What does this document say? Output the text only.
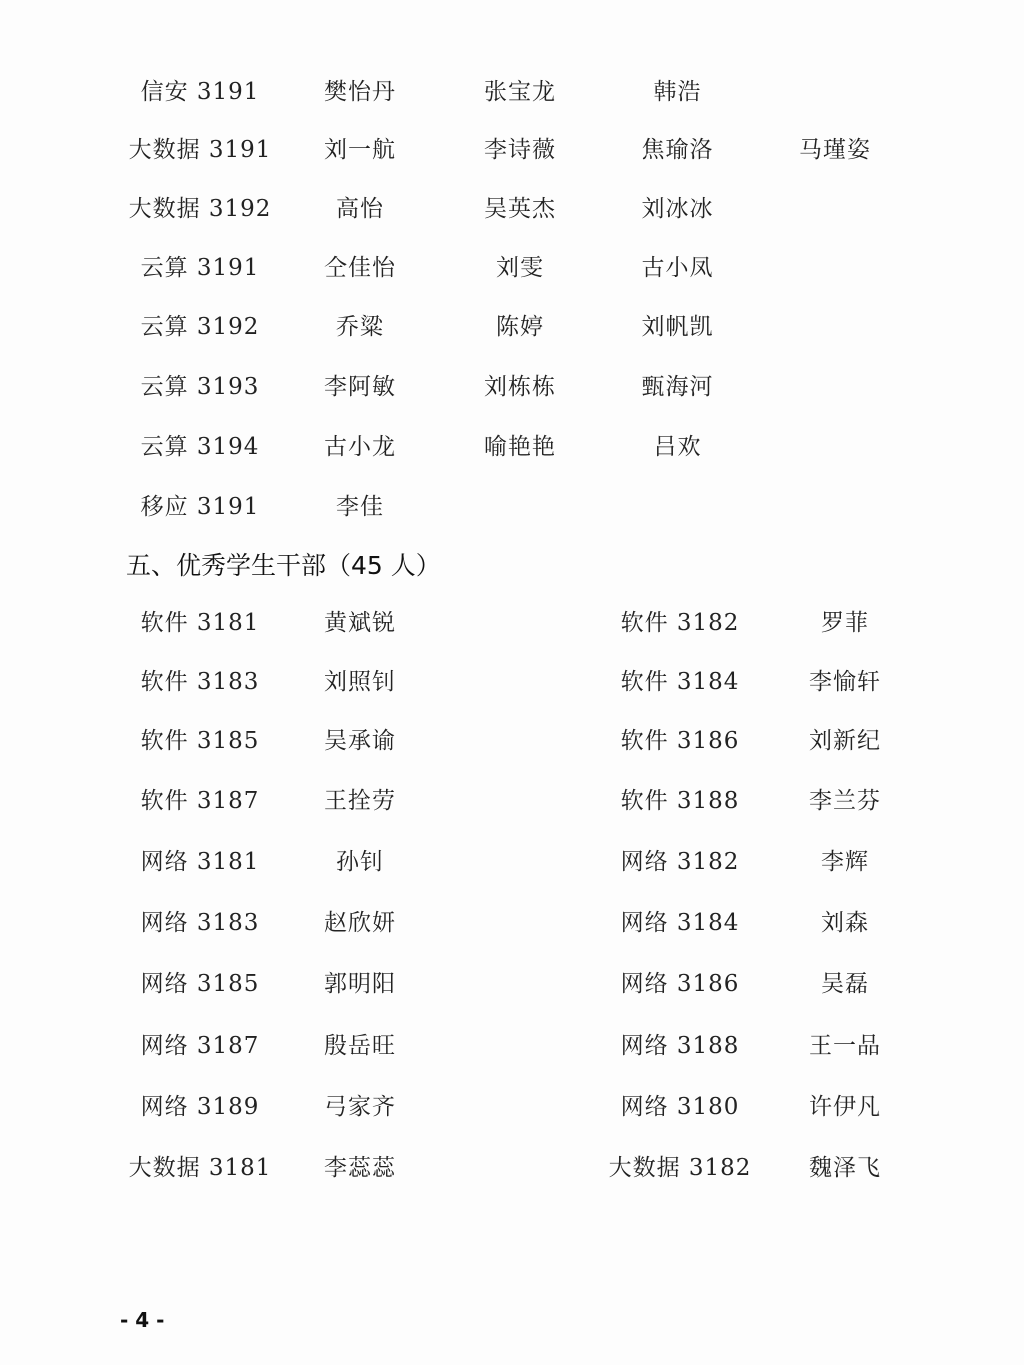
信安 3191	樊怡丹	张宝龙	韩浩
大数据 3191	刘一航	李诗薇	焦瑜洛	马瑾姿
大数据 3192	高怡	吴英杰	刘冰冰
云算 3191	仝佳怡	刘雯	古小凤
云算 3192	乔粱	陈婷	刘帆凯
云算 3193	李阿敏	刘栋栋	甄海河
云算 3194	古小龙	喻艳艳	吕欢
移应 3191	李佳
五、优秀学生干部（45 人）
软件 3181	黄斌锐	软件 3182	罗菲
软件 3183	刘照钊	软件 3184	李愉轩
软件 3185	吴承谕	软件 3186	刘新纪
软件 3187	王拴劳	软件 3188	李兰芬
网络 3181	孙钊	网络 3182	李辉
网络 3183	赵欣妍	网络 3184	刘森
网络 3185	郭明阳	网络 3186	吴磊
网络 3187	殷岳旺	网络 3188	王一品
网络 3189	弓家齐	网络 3180	许伊凡
大数据 3181	李蕊蕊	大数据 3182	魏泽飞
- 4 -
